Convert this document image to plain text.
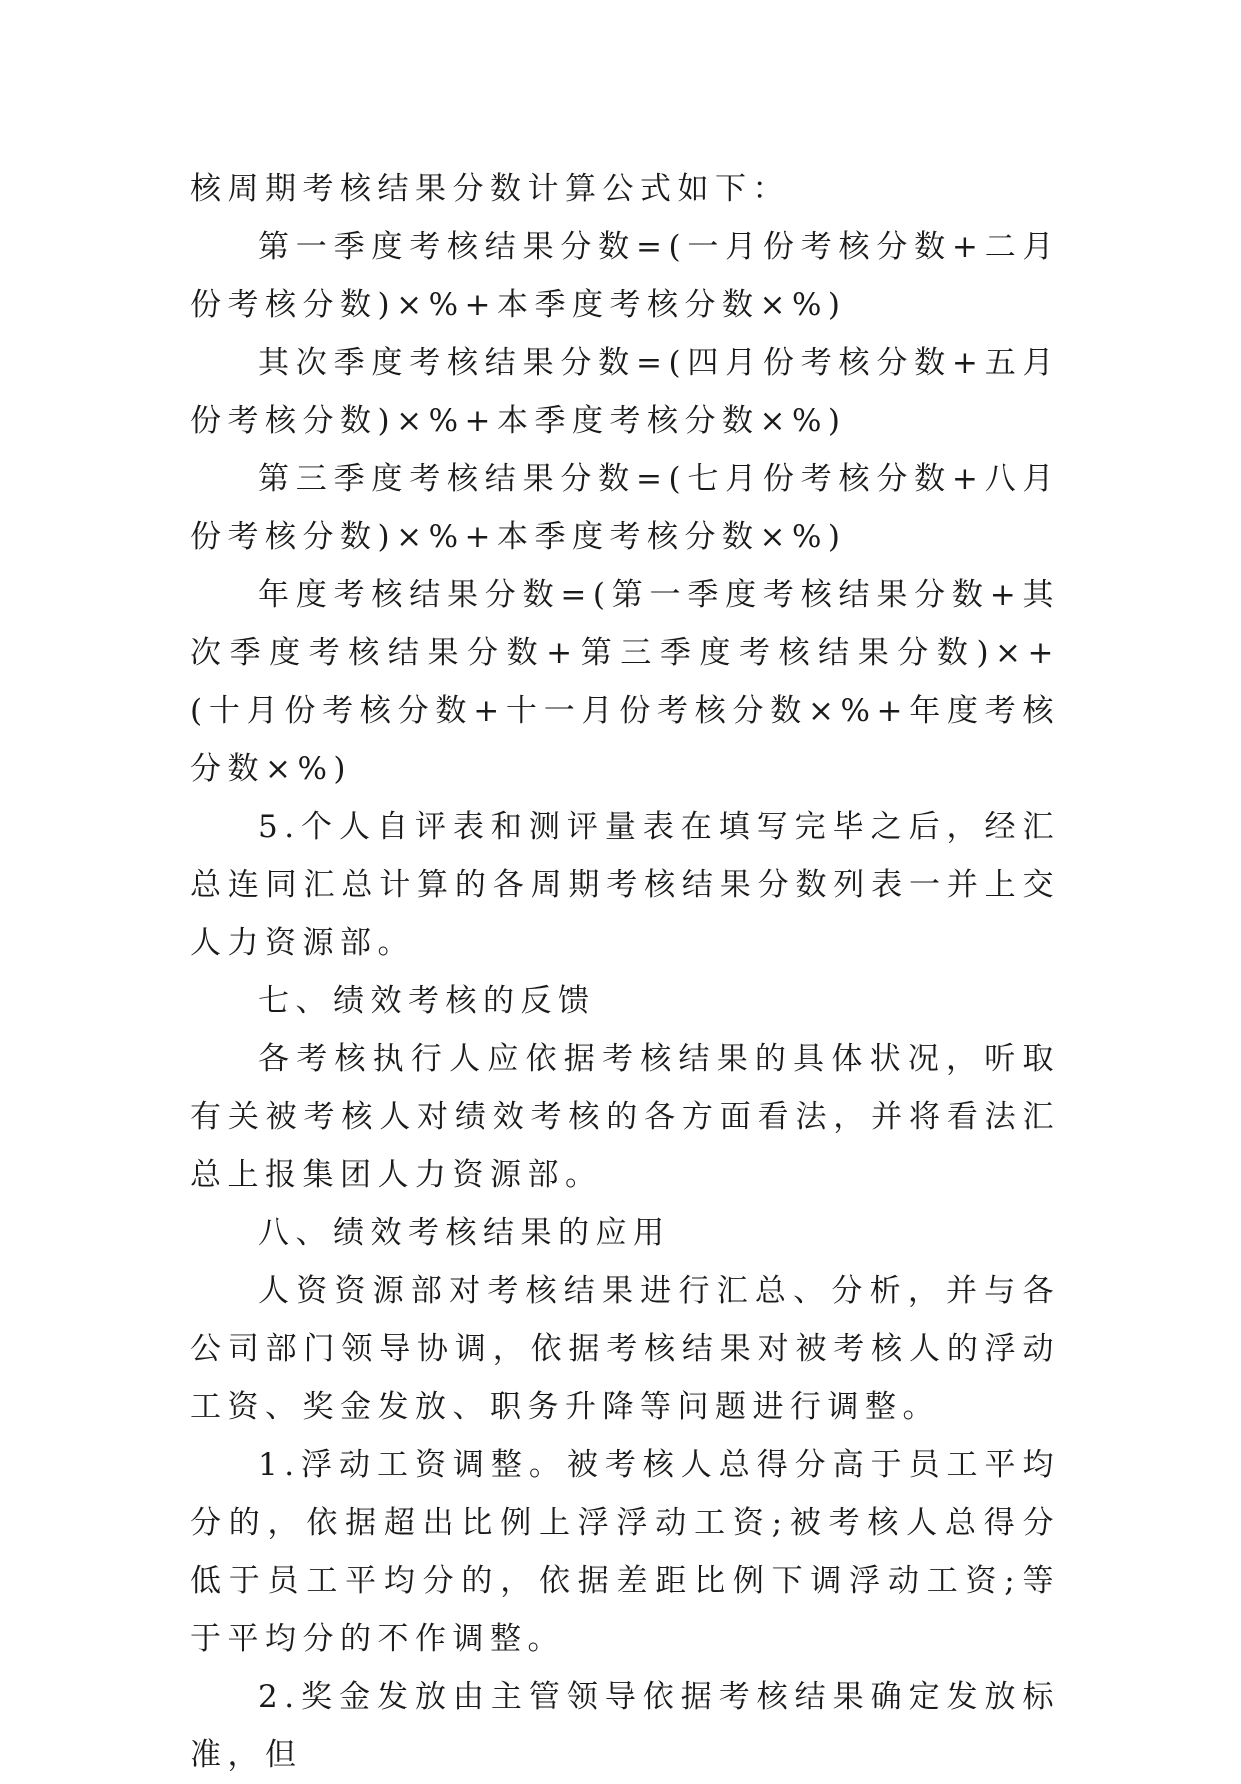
核周期考核结果分数计算公式如下：

第一季度考核结果分数=(一月份考核分数+二月份考核分数)×%+本季度考核分数×%)

其次季度考核结果分数=(四月份考核分数+五月份考核分数)×%+本季度考核分数×%)

第三季度考核结果分数=(七月份考核分数+八月份考核分数)×%+本季度考核分数×%)

年度考核结果分数=(第一季度考核结果分数+其次季度考核结果分数+第三季度考核结果分数)×+(十月份考核分数+十一月份考核分数×%+年度考核分数×%)

5.个人自评表和测评量表在填写完毕之后，经汇总连同汇总计算的各周期考核结果分数列表一并上交人力资源部。

七、绩效考核的反馈

各考核执行人应依据考核结果的具体状况，听取有关被考核人对绩效考核的各方面看法，并将看法汇总上报集团人力资源部。

八、绩效考核结果的应用

人资资源部对考核结果进行汇总、分析，并与各公司部门领导协调，依据考核结果对被考核人的浮动工资、奖金发放、职务升降等问题进行调整。

1.浮动工资调整。被考核人总得分高于员工平均分的，依据超出比例上浮浮动工资;被考核人总得分低于员工平均分的，依据差距比例下调浮动工资;等于平均分的不作调整。

2.奖金发放由主管领导依据考核结果确定发放标准，但
